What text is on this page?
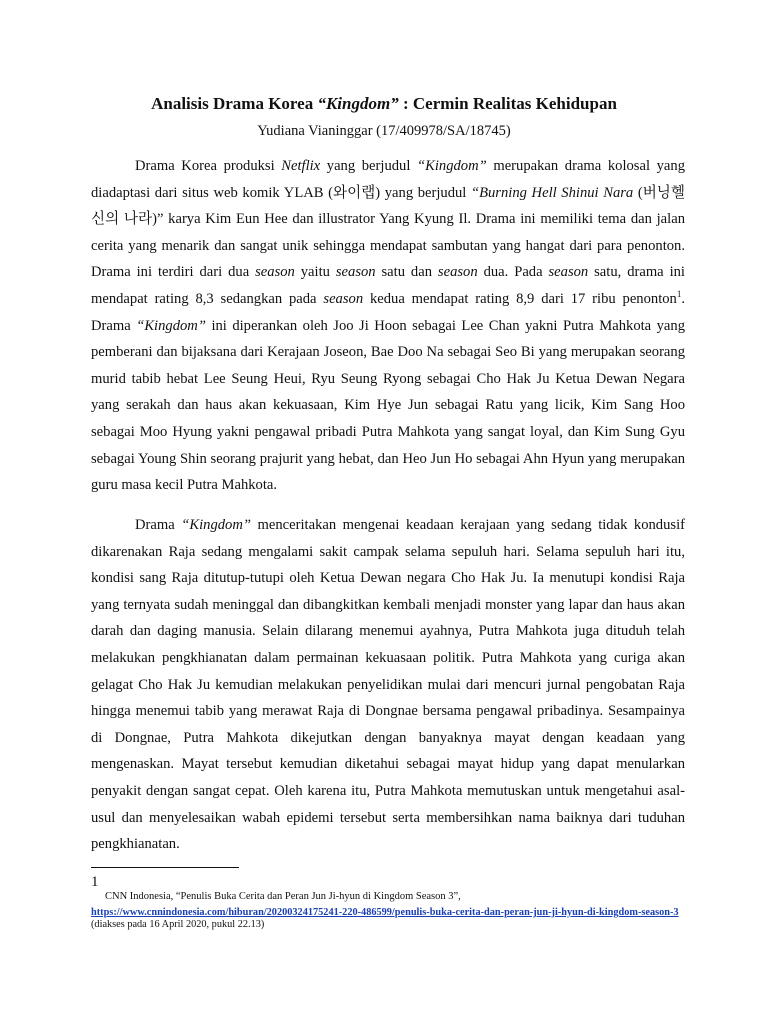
Analisis Drama Korea “Kingdom” : Cermin Realitas Kehidupan
Yudiana Vianinggar (17/409978/SA/18745)

Drama Korea produksi Netflix yang berjudul “Kingdom” merupakan drama kolosal yang diadaptasi dari situs web komik YLAB (와이랩) yang berjudul “Burning Hell Shinui Nara (버닝헬 신의 나라)” karya Kim Eun Hee dan illustrator Yang Kyung Il. Drama ini memiliki tema dan jalan cerita yang menarik dan sangat unik sehingga mendapat sambutan yang hangat dari para penonton. Drama ini terdiri dari dua season yaitu season satu dan season dua. Pada season satu, drama ini mendapat rating 8,3 sedangkan pada season kedua mendapat rating 8,9 dari 17 ribu penonton$^1$. Drama “Kingdom” ini diperankan oleh Joo Ji Hoon sebagai Lee Chan yakni Putra Mahkota yang pemberani dan bijaksana dari Kerajaan Joseon, Bae Doo Na sebagai Seo Bi yang merupakan seorang murid tabib hebat Lee Seung Heui, Ryu Seung Ryong sebagai Cho Hak Ju Ketua Dewan Negara yang serakah dan haus akan kekuasaan, Kim Hye Jun sebagai Ratu yang licik, Kim Sang Hoo sebagai Moo Hyung yakni pengawal pribadi Putra Mahkota yang sangat loyal, dan Kim Sung Gyu sebagai Young Shin seorang prajurit yang hebat, dan Heo Jun Ho sebagai Ahn Hyun yang merupakan guru masa kecil Putra Mahkota.

Drama “Kingdom” menceritakan mengenai keadaan kerajaan yang sedang tidak kondusif dikarenakan Raja sedang mengalami sakit campak selama sepuluh hari. Selama sepuluh hari itu, kondisi sang Raja ditutup-tutupi oleh Ketua Dewan negara Cho Hak Ju. Ia menutupi kondisi Raja yang ternyata sudah meninggal dan dibangkitkan kembali menjadi monster yang lapar dan haus akan darah dan daging manusia. Selain dilarang menemui ayahnya, Putra Mahkota juga dituduh telah melakukan pengkhianatan dalam permainan kekuasaan politik. Putra Mahkota yang curiga akan gelagat Cho Hak Ju kemudian melakukan penyelidikan mulai dari mencuri jurnal pengobatan Raja hingga menemui tabib yang merawat Raja di Dongnae bersama pengawal pribadinya. Sesampainya di Dongnae, Putra Mahkota dikejutkan dengan banyaknya mayat dengan keadaan yang mengenaskan. Mayat tersebut kemudian diketahui sebagai mayat hidup yang dapat menularkan penyakit dengan sangat cepat. Oleh karena itu, Putra Mahkota memutuskan untuk mengetahui asal-usul dan menyelesaikan wabah epidemi tersebut serta membersihkan nama baiknya dari tuduhan pengkhianatan.

1
CNN Indonesia, “Penulis Buka Cerita dan Peran Jun Ji-hyun di Kingdom Season 3”,
https://www.cnnindonesia.com/hiburan/20200324175241-220-486599/penulis-buka-cerita-dan-peran-jun-ji-hyun-di-kingdom-season-3
(diakses pada 16 April 2020, pukul 22.13)
